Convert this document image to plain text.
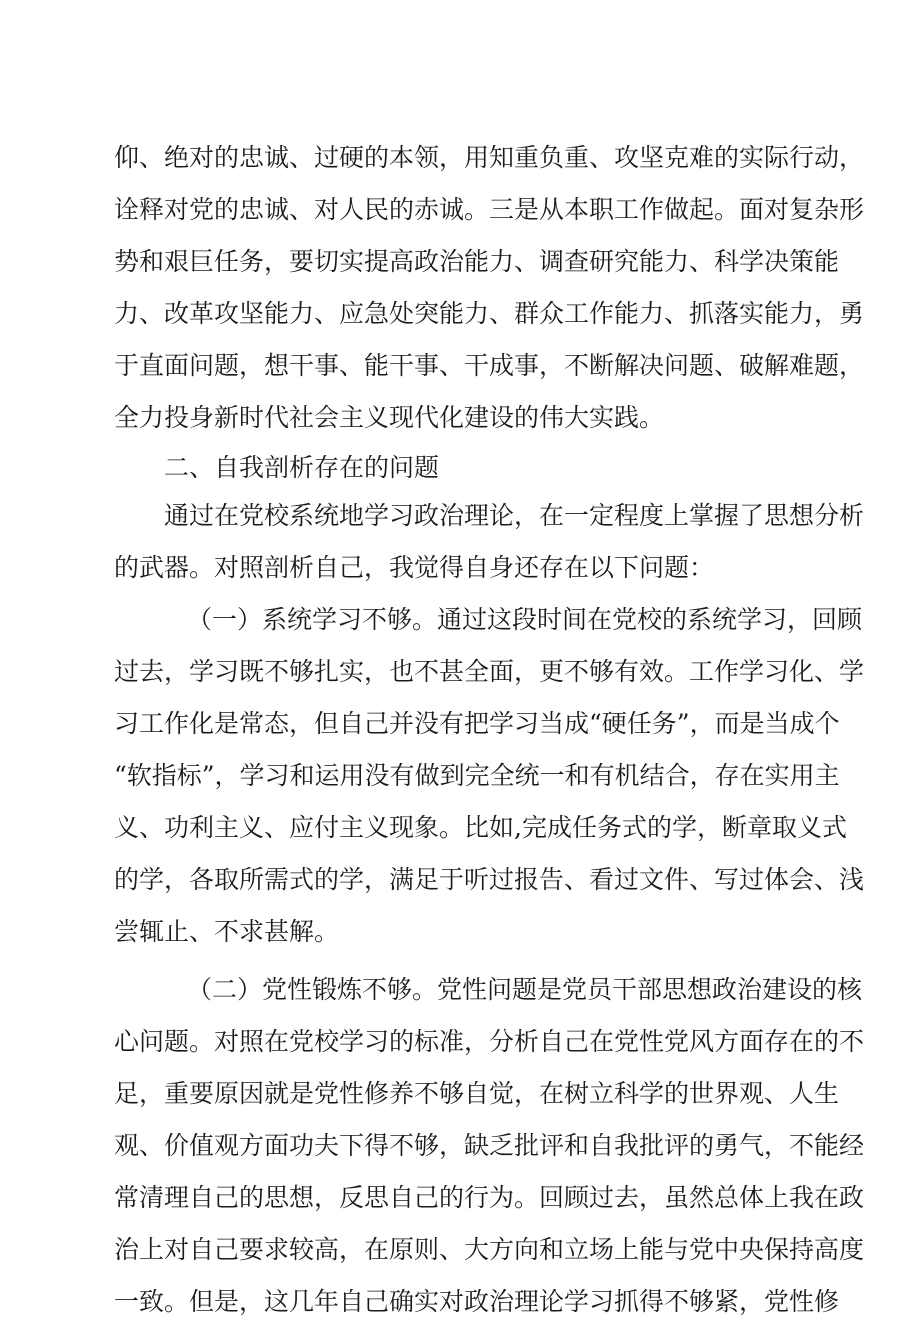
仰、绝对的忠诚、过硬的本领，用知重负重、攻坚克难的实际行动，
诠释对党的忠诚、对人民的赤诚。三是从本职工作做起。面对复杂形
势和艰巨任务，要切实提高政治能力、调查研究能力、科学决策能
力、改革攻坚能力、应急处突能力、群众工作能力、抓落实能力，勇
于直面问题，想干事、能干事、干成事，不断解决问题、破解难题，
全力投身新时代社会主义现代化建设的伟大实践。
二、自我剖析存在的问题
通过在党校系统地学习政治理论，在一定程度上掌握了思想分析
的武器。对照剖析自己，我觉得自身还存在以下问题：
（一）系统学习不够。通过这段时间在党校的系统学习，回顾
过去，学习既不够扎实，也不甚全面，更不够有效。工作学习化、学
习工作化是常态，但自己并没有把学习当成“硬任务”，而是当成个
“软指标”，学习和运用没有做到完全统一和有机结合，存在实用主
义、功利主义、应付主义现象。比如,完成任务式的学，断章取义式
的学，各取所需式的学，满足于听过报告、看过文件、写过体会、浅
尝辄止、不求甚解。
（二）党性锻炼不够。党性问题是党员干部思想政治建设的核
心问题。对照在党校学习的标准，分析自己在党性党风方面存在的不
足，重要原因就是党性修养不够自觉，在树立科学的世界观、人生
观、价值观方面功夫下得不够，缺乏批评和自我批评的勇气，不能经
常清理自己的思想，反思自己的行为。回顾过去，虽然总体上我在政
治上对自己要求较高，在原则、大方向和立场上能与党中央保持高度
一致。但是，这几年自己确实对政治理论学习抓得不够紧，党性修
